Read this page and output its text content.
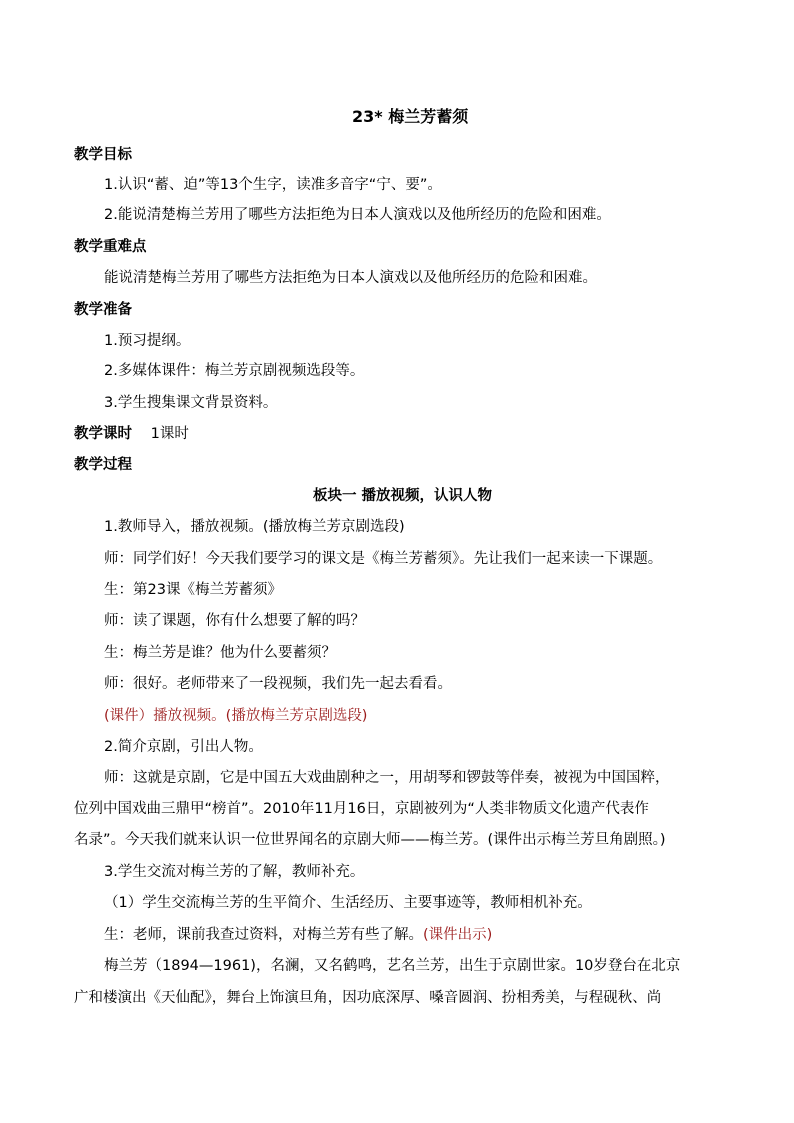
23* 梅兰芳蓄须
教学目标
1.认识“蓄、迫”等13个生字，读准多音字“宁、要”。
2.能说清楚梅兰芳用了哪些方法拒绝为日本人演戏以及他所经历的危险和困难。
教学重难点
能说清楚梅兰芳用了哪些方法拒绝为日本人演戏以及他所经历的危险和困难。
教学准备
1.预习提纲。
2.多媒体课件：梅兰芳京剧视频选段等。
3.学生搜集课文背景资料。
教学课时 1课时
教学过程
板块一 播放视频，认识人物
1.教师导入，播放视频。(播放梅兰芳京剧选段)
师：同学们好！今天我们要学习的课文是《梅兰芳蓄须》。先让我们一起来读一下课题。
生：第23课《梅兰芳蓄须》
师：读了课题，你有什么想要了解的吗？
生：梅兰芳是谁？他为什么要蓄须？
师：很好。老师带来了一段视频，我们先一起去看看。
(课件）播放视频。(播放梅兰芳京剧选段)
2.简介京剧，引出人物。
师：这就是京剧，它是中国五大戏曲剧种之一，用胡琴和锣鼓等伴奏，被视为中国国粹，
位列中国戏曲三鼎甲“榜首”。2010年11月16日，京剧被列为“人类非物质文化遗产代表作
名录”。今天我们就来认识一位世界闻名的京剧大师——梅兰芳。(课件出示梅兰芳旦角剧照。)
3.学生交流对梅兰芳的了解，教师补充。
（1）学生交流梅兰芳的生平简介、生活经历、主要事迹等，教师相机补充。
生：老师，课前我查过资料，对梅兰芳有些了解。(课件出示)
梅兰芳（1894—1961)，名澜，又名鹤鸣，艺名兰芳，出生于京剧世家。10岁登台在北京
广和楼演出《天仙配》，舞台上饰演旦角，因功底深厚、嗓音圆润、扮相秀美，与程砚秋、尚
